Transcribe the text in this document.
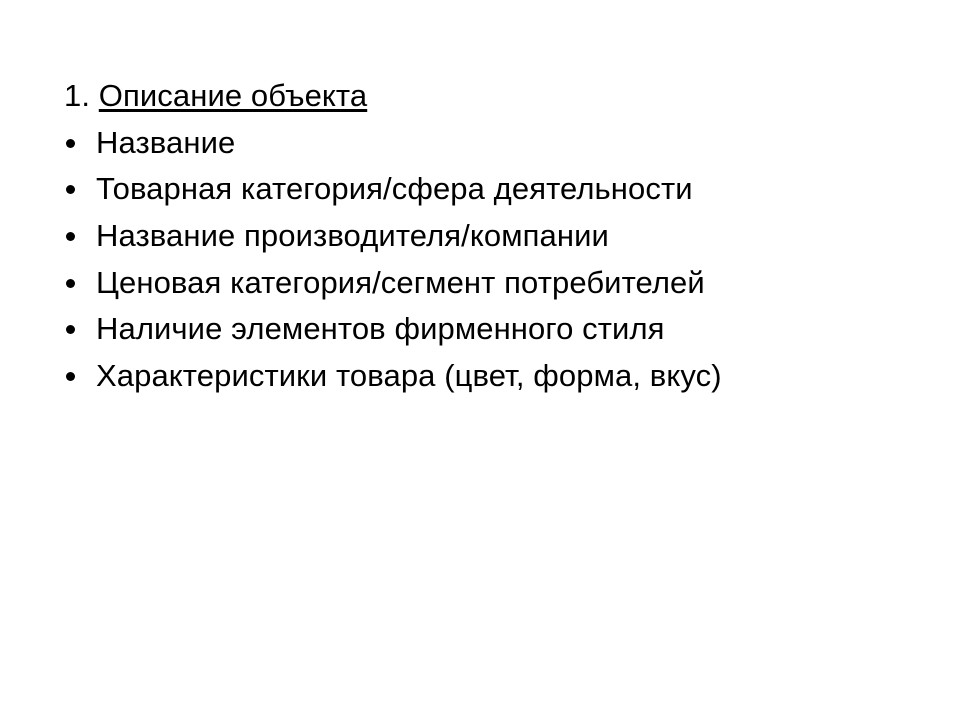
1. Описание объекта
Название
Товарная категория/сфера деятельности
Название производителя/компании
Ценовая категория/сегмент потребителей
Наличие элементов фирменного стиля
Характеристики товара (цвет, форма, вкус)
